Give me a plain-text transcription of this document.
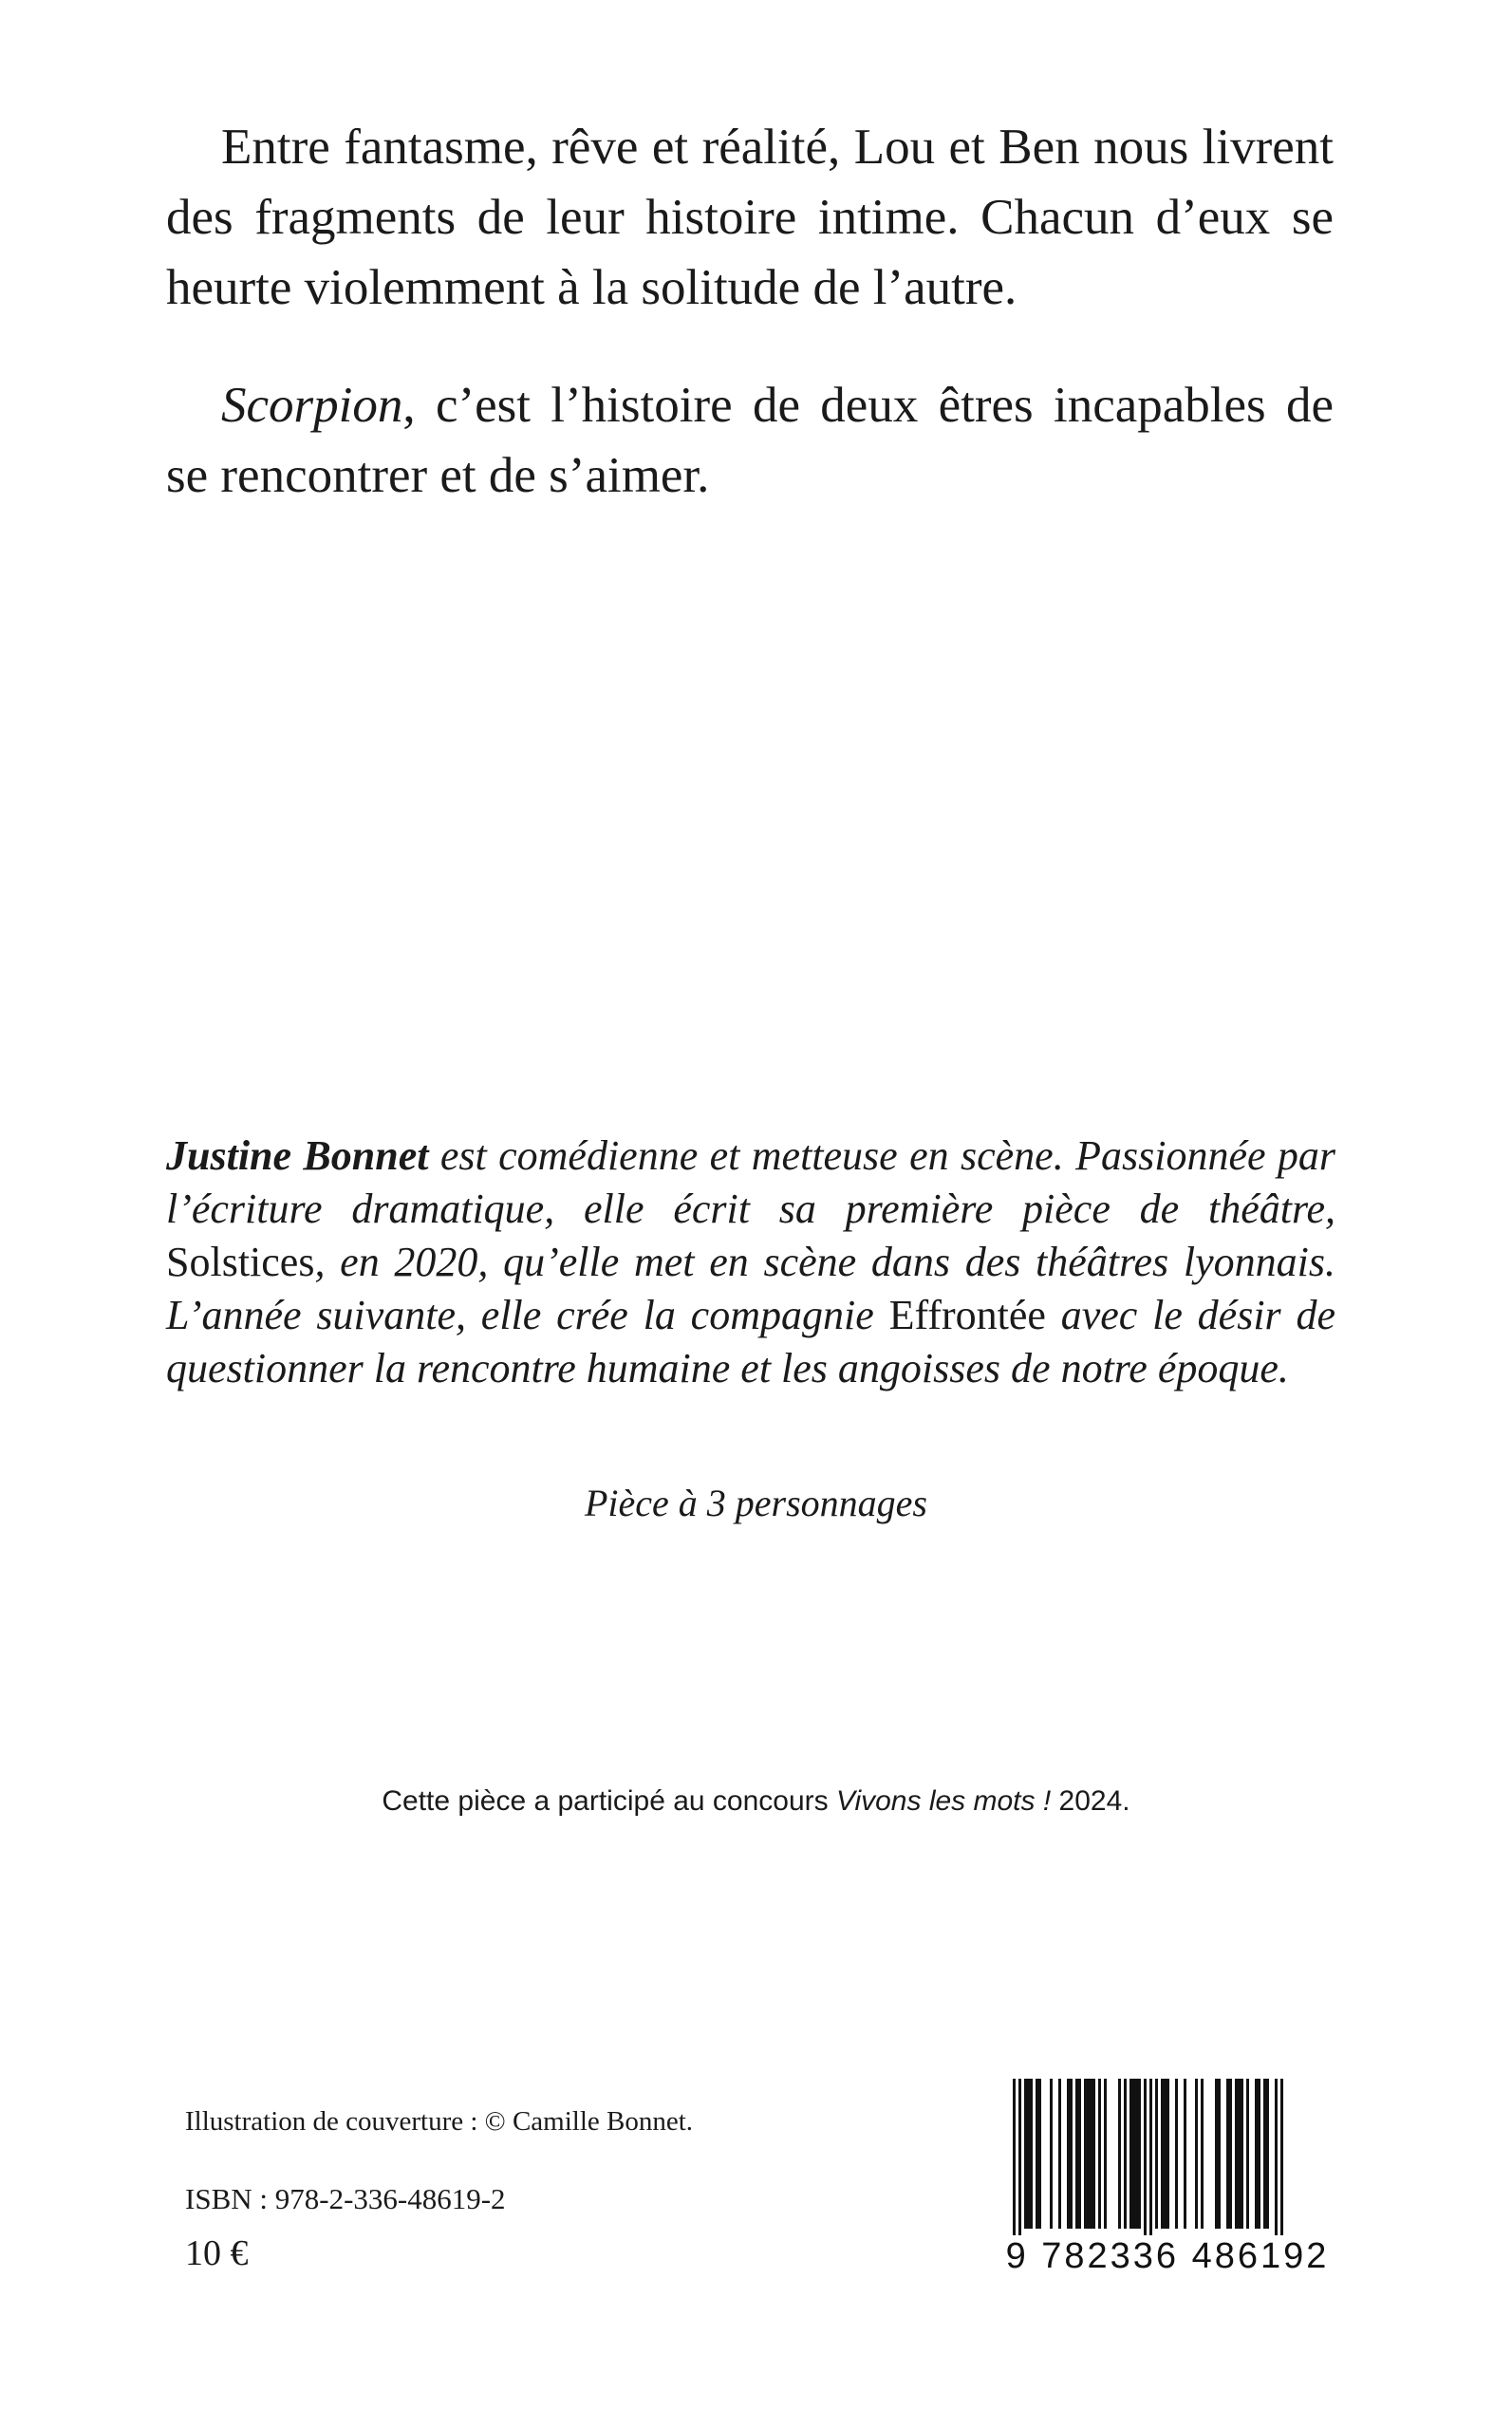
Entre fantasme, rêve et réalité, Lou et Ben nous livrent des fragments de leur histoire intime. Chacun d’eux se heurte violemment à la solitude de l’autre.

Scorpion, c’est l’histoire de deux êtres incapables de se rencontrer et de s’aimer.

Justine Bonnet est comédienne et metteuse en scène. Passionnée par l’écriture dramatique, elle écrit sa première pièce de théâtre, Solstices, en 2020, qu’elle met en scène dans des théâtres lyonnais. L’année suivante, elle crée la compagnie Effrontée avec le désir de questionner la rencontre humaine et les angoisses de notre époque.
Pièce à 3 personnages
Cette pièce a participé au concours Vivons les mots ! 2024.
Illustration de couverture : © Camille Bonnet.
ISBN : 978-2-336-48619-2
10 €	9 782336 486192
